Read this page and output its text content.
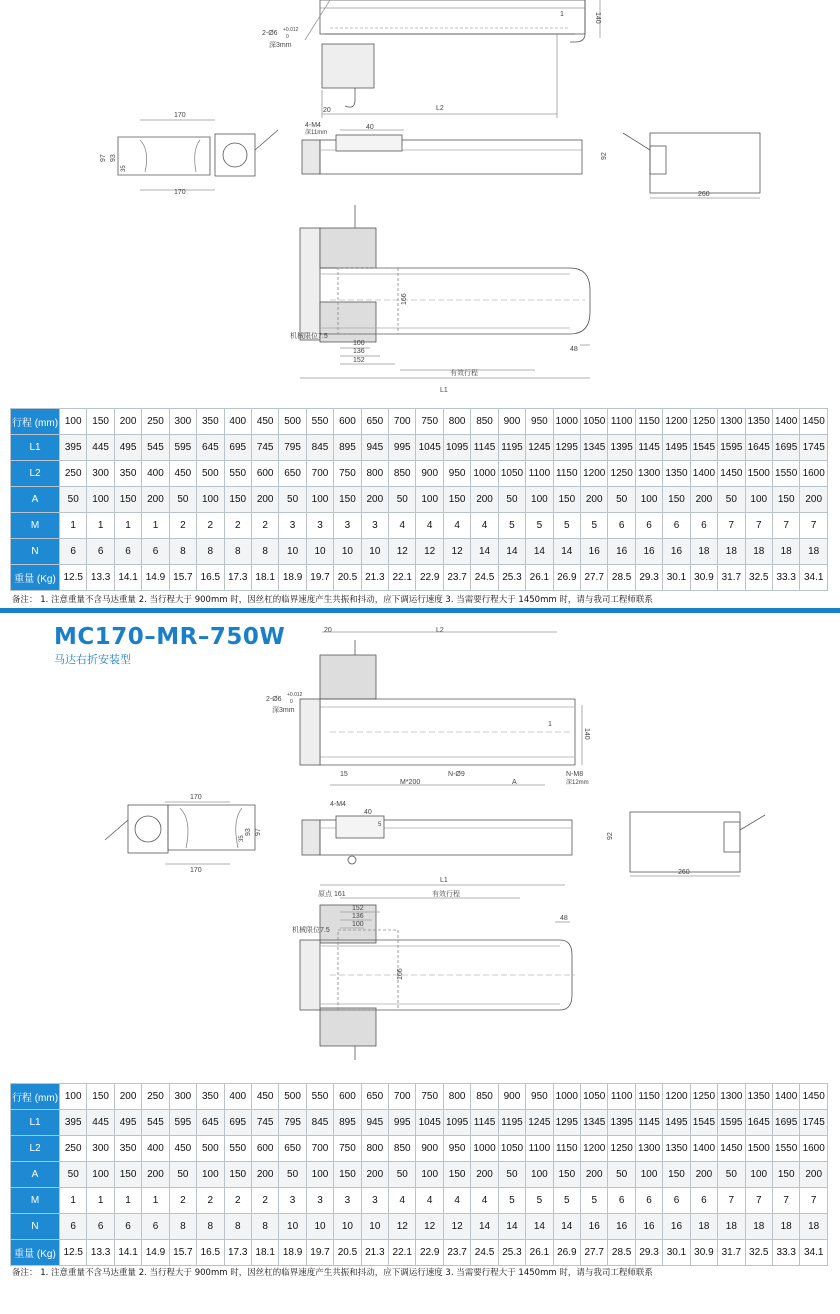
2-Ø6 +0.012
0
深3mm
140
1
20	L2
170
170
97 93
35
4-M4
深11mm
40
92
260
166
100
136
152
机械限位7.5
48
有效行程
L1
行程 (mm)	100	150	200	250	300	350	400	450	500	550	600	650	700	750	800	850	900	950	1000	1050	1100	1150	1200	1250	1300	1350	1400	1450
L1	395	445	495	545	595	645	695	745	795	845	895	945	995	1045	1095	1145	1195	1245	1295	1345	1395	1145	1495	1545	1595	1645	1695	1745
L2	250	300	350	400	450	500	550	600	650	700	750	800	850	900	950	1000	1050	1100	1150	1200	1250	1300	1350	1400	1450	1500	1550	1600
A	50	100	150	200	50	100	150	200	50	100	150	200	50	100	150	200	50	100	150	200	50	100	150	200	50	100	150	200
M	1	1	1	1	2	2	2	2	3	3	3	3	4	4	4	4	5	5	5	5	6	6	6	6	7	7	7	7
N	6	6	6	6	8	8	8	8	10	10	10	10	12	12	12	14	14	14	14	16	16	16	16	18	18	18	18	18
重量 (Kg)	12.5	13.3	14.1	14.9	15.7	16.5	17.3	18.1	18.9	19.7	20.5	21.3	22.1	22.9	23.7	24.5	25.3	26.1	26.9	27.7	28.5	29.3	30.1	30.9	31.7	32.5	33.3	34.1
备注： 1. 注意重量不含马达重量 2. 当行程大于 900mm 时，因丝杠的临界速度产生共振和抖动，应下调运行速度 3. 当需要行程大于 1450mm 时，请与我司工程师联系
MC170–MR–750W
马达右折安装型
20	L2
2-Ø6
+0.012
0
深3mm
140
1
15	N-Ø9
M*200	A
N-M8
深12mm
170
170
35
93 97
4-M4
40
5
92
260
L1
原点 161	有效行程
152
136
100
机械限位7.5
48
166
行程 (mm)	100	150	200	250	300	350	400	450	500	550	600	650	700	750	800	850	900	950	1000	1050	1100	1150	1200	1250	1300	1350	1400	1450
L1	395	445	495	545	595	645	695	745	795	845	895	945	995	1045	1095	1145	1195	1245	1295	1345	1395	1145	1495	1545	1595	1645	1695	1745
L2	250	300	350	400	450	500	550	600	650	700	750	800	850	900	950	1000	1050	1100	1150	1200	1250	1300	1350	1400	1450	1500	1550	1600
A	50	100	150	200	50	100	150	200	50	100	150	200	50	100	150	200	50	100	150	200	50	100	150	200	50	100	150	200
M	1	1	1	1	2	2	2	2	3	3	3	3	4	4	4	4	5	5	5	5	6	6	6	6	7	7	7	7
N	6	6	6	6	8	8	8	8	10	10	10	10	12	12	12	14	14	14	14	16	16	16	16	18	18	18	18	18
重量 (Kg)	12.5	13.3	14.1	14.9	15.7	16.5	17.3	18.1	18.9	19.7	20.5	21.3	22.1	22.9	23.7	24.5	25.3	26.1	26.9	27.7	28.5	29.3	30.1	30.9	31.7	32.5	33.3	34.1
备注： 1. 注意重量不含马达重量 2. 当行程大于 900mm 时，因丝杠的临界速度产生共振和抖动，应下调运行速度 3. 当需要行程大于 1450mm 时，请与我司工程师联系
